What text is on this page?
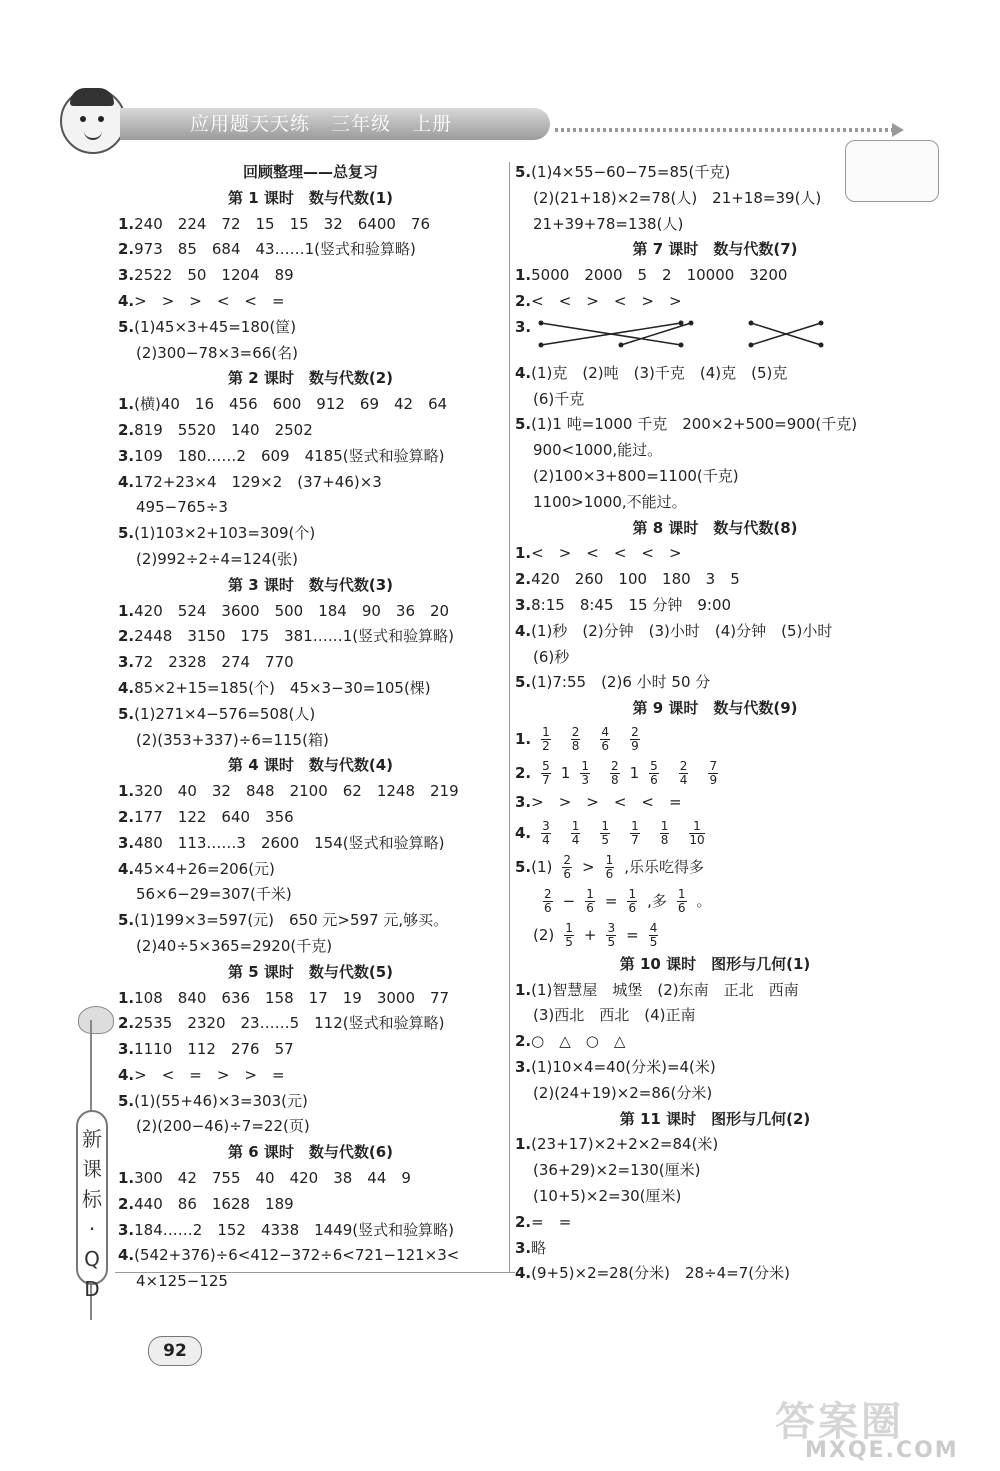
应用题天天练 三年级 上册
回顾整理——总复习
第 1 课时　数与代数(1)
1.240　224　72　15　15　32　6400　76
2.973　85　684　43……1(竖式和验算略)
3.2522　50　1204　89
4.>　>　>　<　<　=
5.(1)45×3+45=180(筐)
(2)300−78×3=66(名)
第 2 课时　数与代数(2)
1.(横)40　16　456　600　912　69　42　64
2.819　5520　140　2502
3.109　180……2　609　4185(竖式和验算略)
4.172+23×4　129×2　(37+46)×3
495−765÷3
5.(1)103×2+103=309(个)
(2)992÷2÷4=124(张)
第 3 课时　数与代数(3)
1.420　524　3600　500　184　90　36　20
2.2448　3150　175　381……1(竖式和验算略)
3.72　2328　274　770
4.85×2+15=185(个)　45×3−30=105(棵)
5.(1)271×4−576=508(人)
(2)(353+337)÷6=115(箱)
第 4 课时　数与代数(4)
1.320　40　32　848　2100　62　1248　219
2.177　122　640　356
3.480　113……3　2600　154(竖式和验算略)
4.45×4+26=206(元)
56×6−29=307(千米)
5.(1)199×3=597(元)　650 元>597 元,够买。
(2)40÷5×365=2920(千克)
第 5 课时　数与代数(5)
1.108　840　636　158　17　19　3000　77
2.2535　2320　23……5　112(竖式和验算略)
3.1110　112　276　57
4.>　<　=　>　>　=
5.(1)(55+46)×3=303(元)
(2)(200−46)÷7=22(页)
第 6 课时　数与代数(6)
1.300　42　755　40　420　38　44　9
2.440　86　1628　189
3.184……2　152　4338　1449(竖式和验算略)
4.(542+376)÷6<412−372÷6<721−121×3<
4×125−125
5.(1)4×55−60−75=85(千克)
(2)(21+18)×2=78(人)　21+18=39(人)
21+39+78=138(人)
第 7 课时　数与代数(7)
1.5000　2000　5　2　10000　3200
2.<　<　>　<　>　>
3.
4.(1)克　(2)吨　(3)千克　(4)克　(5)克
(6)千克
5.(1)1 吨=1000 千克　200×2+500=900(千克)
900<1000,能过。
(2)100×3+800=1100(千克)
1100>1000,不能过。
第 8 课时　数与代数(8)
1.<　>　<　<　<　>
2.420　260　100　180　3　5
3.8:15　8:45　15 分钟　9:00
4.(1)秒　(2)分钟　(3)小时　(4)分钟　(5)小时
(6)秒
5.(1)7:55　(2)6 小时 50 分
第 9 课时　数与代数(9)
1. $\frac{1}{2} \frac{2}{8} \frac{4}{6} \frac{2}{9}$
2. $\frac{5}{7} 1 \frac{1}{3} \frac{2}{8} 1 \frac{5}{6} \frac{2}{4} \frac{7}{9}$
3.>　>　>　<　<　=
4. $\frac{3}{4} \frac{1}{4} \frac{1}{5} \frac{1}{7} \frac{1}{8} \frac{1}{10}$
$5.(1) \frac{2}{6} > \frac{1}{6}$ ,乐乐吃得多
$\frac{2}{6} - \frac{1}{6} = \frac{1}{6}$ ,多 $\frac{1}{6}$ 。
$(2) \frac{1}{5} + \frac{3}{5} = \frac{4}{5}$
第 10 课时　图形与几何(1)
1.(1)智慧屋　城堡　(2)东南　正北　西南
(3)西北　西北　(4)正南
2.○　△　○　△
3.(1)10×4=40(分米)=4(米)
(2)(24+19)×2=86(分米)
第 11 课时　图形与几何(2)
1.(23+17)×2+2×2=84(米)
(36+29)×2=130(厘米)
(10+5)×2=30(厘米)
2.=　=
3.略
4.(9+5)×2=28(分米)　28÷4=7(分米)
新
课
标
·
Q
D
92
答案圈
MXQE.COM
